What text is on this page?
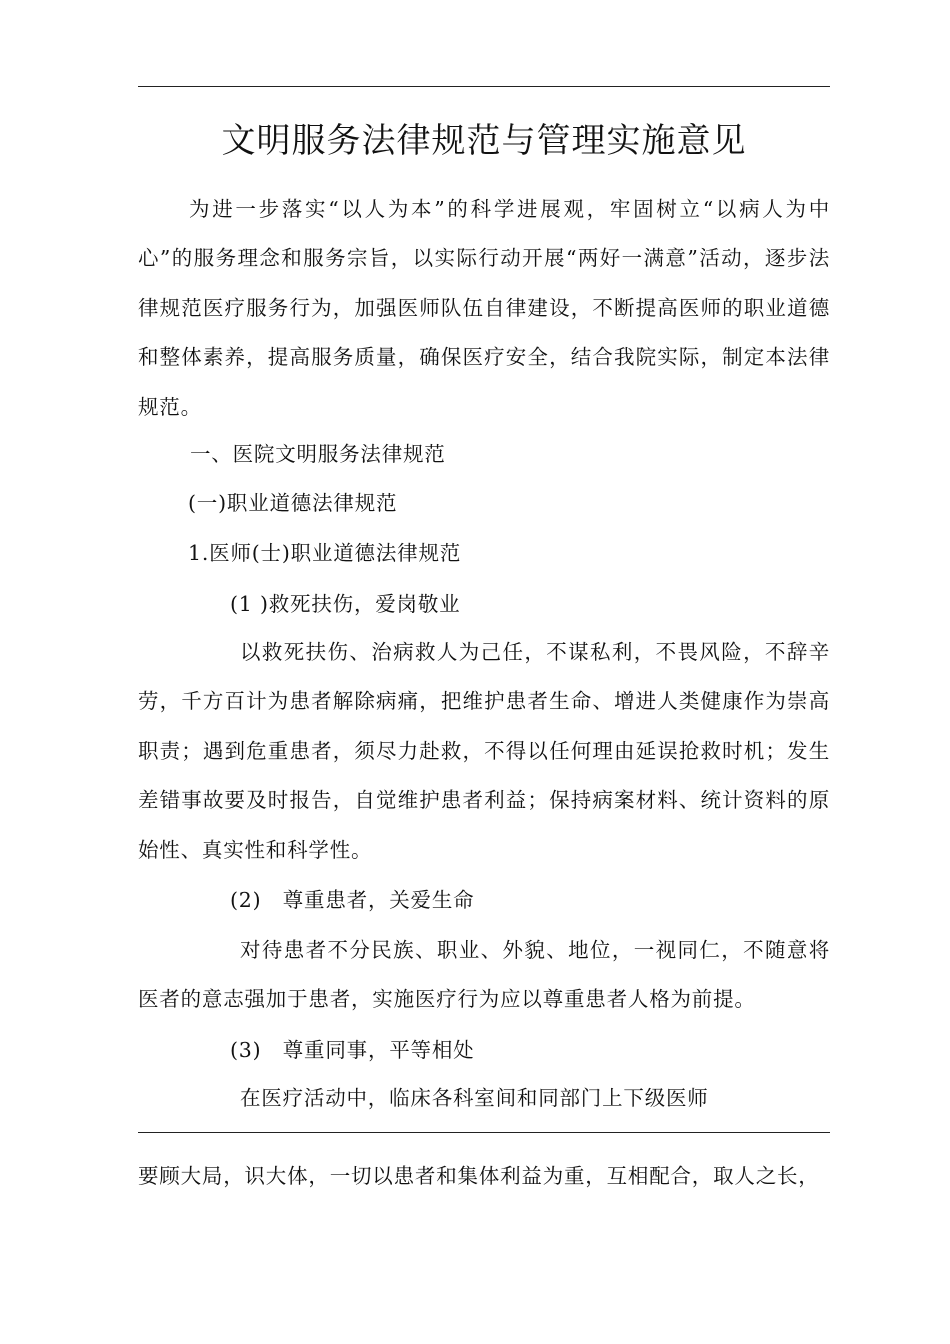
文明服务法律规范与管理实施意见

为进一步落实“以人为本”的科学进展观，牢固树立“以病人为中心”的服务理念和服务宗旨，以实际行动开展“两好一满意”活动，逐步法律规范医疗服务行为，加强医师队伍自律建设，不断提高医师的职业道德和整体素养，提高服务质量，确保医疗安全，结合我院实际，制定本法律规范。

一、医院文明服务法律规范
(一)职业道德法律规范
1.医师(士)职业道德法律规范
(1 )救死扶伤，爱岗敬业

以救死扶伤、治病救人为己任，不谋私利，不畏风险，不辞辛劳，千方百计为患者解除病痛，把维护患者生命、增进人类健康作为崇高职责；遇到危重患者，须尽力赴救，不得以任何理由延误抢救时机；发生差错事故要及时报告，自觉维护患者利益；保持病案材料、统计资料的原始性、真实性和科学性。

(2)　尊重患者，关爱生命

对待患者不分民族、职业、外貌、地位，一视同仁，不随意将医者的意志强加于患者，实施医疗行为应以尊重患者人格为前提。

(3)　尊重同事，平等相处
在医疗活动中，临床各科室间和同部门上下级医师
要顾大局，识大体，一切以患者和集体利益为重，互相配合，取人之长，
